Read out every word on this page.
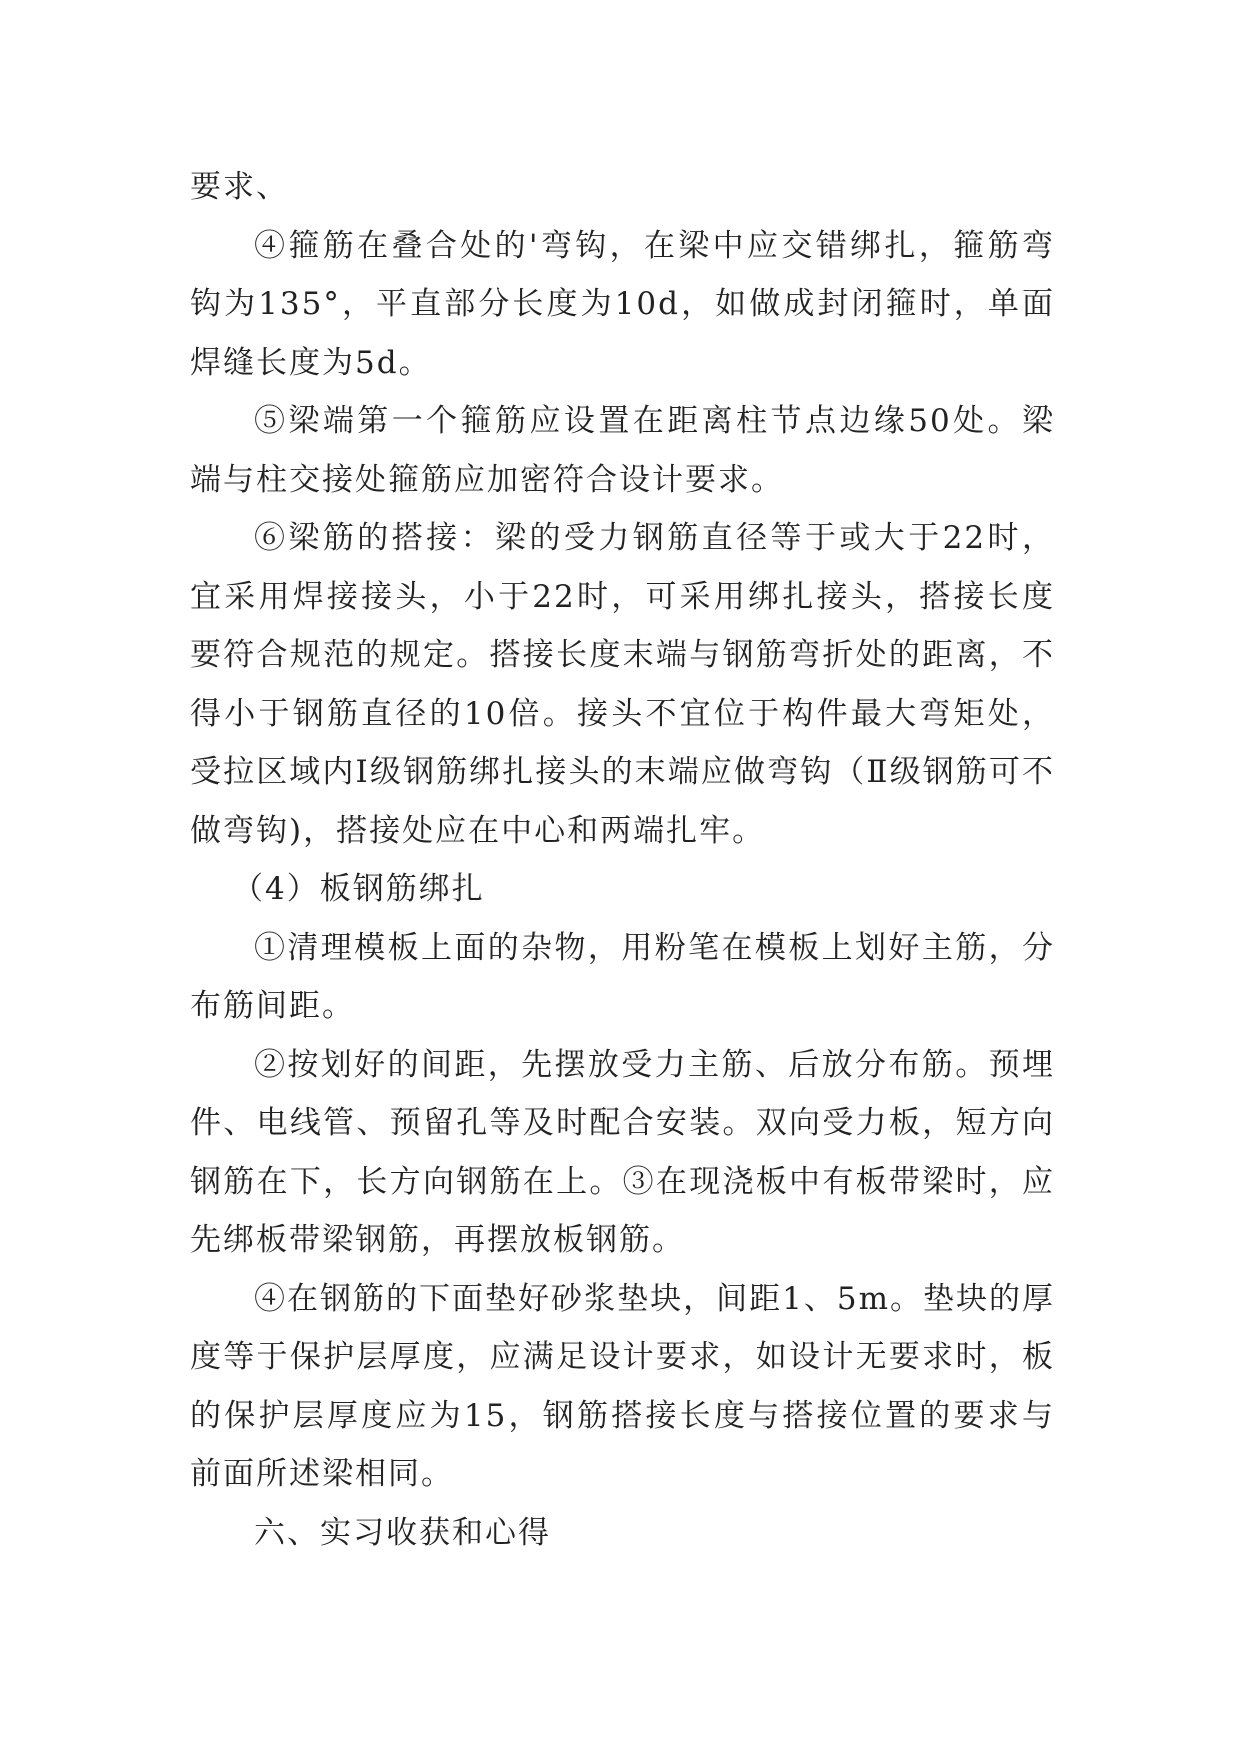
要求、

④箍筋在叠合处的'弯钩，在梁中应交错绑扎，箍筋弯钩为135°，平直部分长度为10d，如做成封闭箍时，单面焊缝长度为5d。

⑤梁端第一个箍筋应设置在距离柱节点边缘50处。梁端与柱交接处箍筋应加密符合设计要求。

⑥梁筋的搭接：梁的受力钢筋直径等于或大于22时，宜采用焊接接头，小于22时，可采用绑扎接头，搭接长度要符合规范的规定。搭接长度末端与钢筋弯折处的距离，不得小于钢筋直径的10倍。接头不宜位于构件最大弯矩处，受拉区域内Ⅰ级钢筋绑扎接头的末端应做弯钩（Ⅱ级钢筋可不做弯钩)，搭接处应在中心和两端扎牢。

（4）板钢筋绑扎

①清理模板上面的杂物，用粉笔在模板上划好主筋，分布筋间距。

②按划好的间距，先摆放受力主筋、后放分布筋。预埋件、电线管、预留孔等及时配合安装。双向受力板，短方向钢筋在下，长方向钢筋在上。③在现浇板中有板带梁时，应先绑板带梁钢筋，再摆放板钢筋。

④在钢筋的下面垫好砂浆垫块，间距1、5m。垫块的厚度等于保护层厚度，应满足设计要求，如设计无要求时，板的保护层厚度应为15，钢筋搭接长度与搭接位置的要求与前面所述梁相同。

六、实习收获和心得
